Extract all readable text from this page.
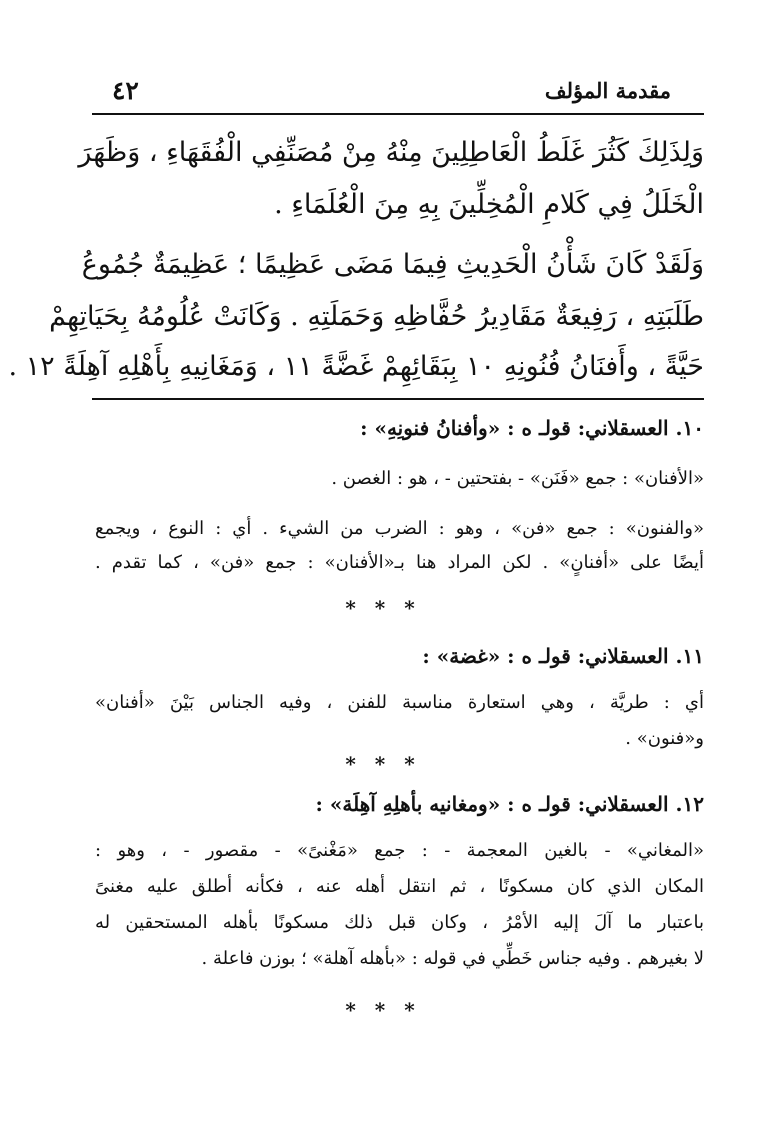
مقدمة المؤلف
٤٢
وَلِذَلِكَ كَثُرَ غَلَطُ الْعَاطِلِينَ مِنْهُ مِنْ مُصَنِّفِي الْفُقَهَاءِ ، وَظَهَرَ
الْخَلَلُ فِي كَلامِ الْمُخِلِّينَ بِهِ مِنَ الْعُلَمَاءِ .
وَلَقَدْ كَانَ شَأْنُ الْحَدِيثِ فِيمَا مَضَى عَظِيمًا ؛ عَظِيمَةٌ جُمُوعُ
طَلَبَتِهِ ، رَفِيعَةٌ مَقَادِيرُ حُفَّاظِهِ وَحَمَلَتِهِ . وَكَانَتْ عُلُومُهُ بِحَيَاتِهِمْ
حَيَّةً ، وأَفنَانُ فُنُونِهِ ١٠ بِبَقَائِهِمْ غَضَّةً ١١ ، وَمَغَانِيهِ بِأَهْلِهِ آهِلَةً ١٢ .
١٠. العسقلاني: قولـ ه : «وأفنانُ فنونِهِ» :
«الأفنان» : جمع «فَنَن» - بفتحتين - ، هو : الغصن .
«والفنون» : جمع «فن» ، وهو : الضرب من الشيء . أي : النوع ، ويجمع
أيضًا على «أفنانٍ» . لكن المراد هنا بـ«الأفنان» : جمع «فن» ، كما تقدم .
* * *
١١. العسقلاني: قولـ ه : «غضة» :
أي : طريَّة ، وهي استعارة مناسبة للفنن ، وفيه الجناس بَيْنَ «أفنان»
و«فنون» .
* * *
١٢. العسقلاني: قولـ ه : «ومغانيه بأهلِهِ آهِلَة» :
«المغاني» - بالغين المعجمة - : جمع «مَغْنىً» - مقصور - ، وهو :
المكان الذي كان مسكونًا ، ثم انتقل أهله عنه ، فكأنه أطلق عليه مغنىً
باعتبار ما آلَ إليه الأمْرُ ، وكان قبل ذلك مسكونًا بأهله المستحقين له
لا بغيرهم . وفيه جناس خَطِّي في قوله : «بأهله آهلة» ؛ بوزن فاعلة .
* * *
